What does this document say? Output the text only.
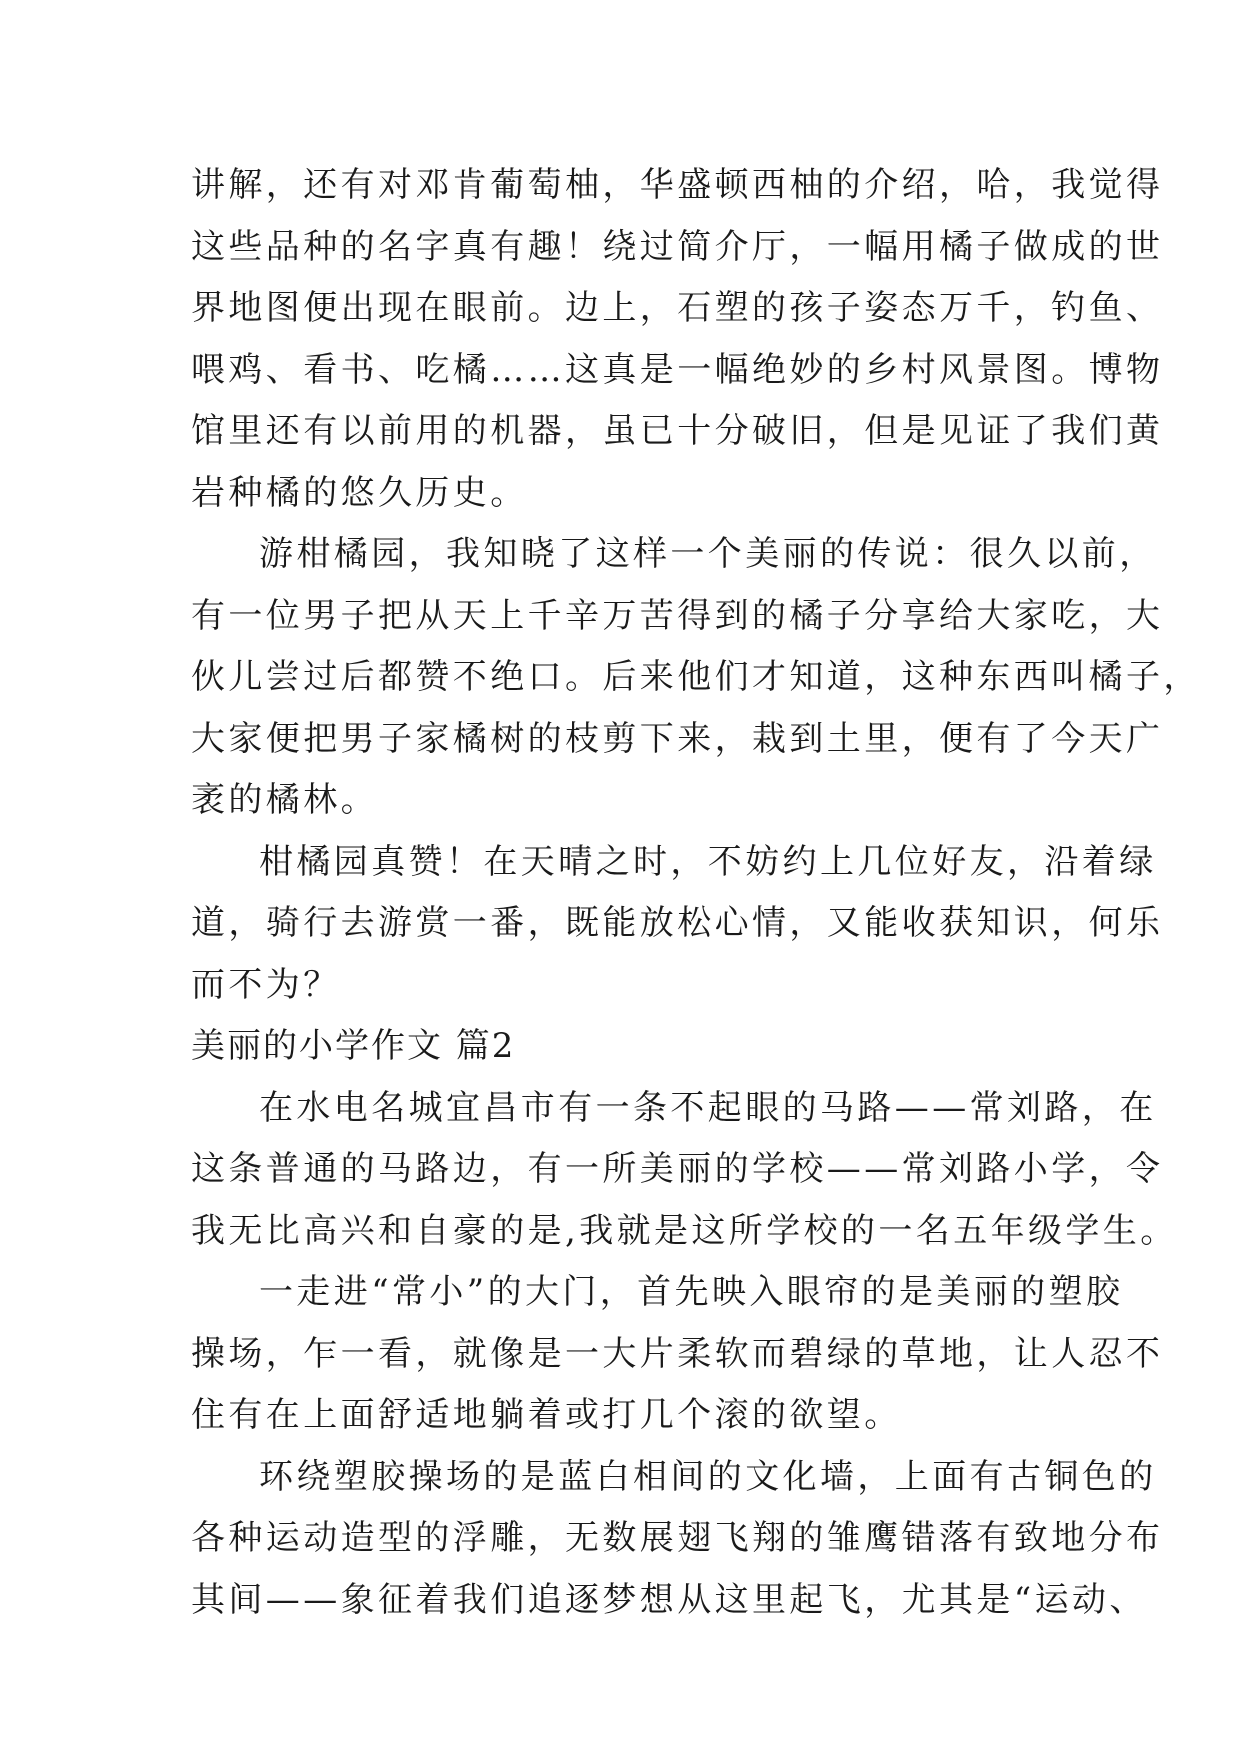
讲解，还有对邓肯葡萄柚，华盛顿西柚的介绍，哈，我觉得
这些品种的名字真有趣！绕过简介厅，一幅用橘子做成的世
界地图便出现在眼前。边上，石塑的孩子姿态万千，钓鱼、
喂鸡、看书、吃橘……这真是一幅绝妙的乡村风景图。博物
馆里还有以前用的机器，虽已十分破旧，但是见证了我们黄
岩种橘的悠久历史。
游柑橘园，我知晓了这样一个美丽的传说：很久以前，
有一位男子把从天上千辛万苦得到的橘子分享给大家吃，大
伙儿尝过后都赞不绝口。后来他们才知道，这种东西叫橘子，
大家便把男子家橘树的枝剪下来，栽到土里，便有了今天广
袤的橘林。
柑橘园真赞！在天晴之时，不妨约上几位好友，沿着绿
道，骑行去游赏一番，既能放松心情，又能收获知识，何乐
而不为？
美丽的小学作文 篇2
在水电名城宜昌市有一条不起眼的马路——常刘路，在
这条普通的马路边，有一所美丽的学校——常刘路小学，令
我无比高兴和自豪的是,我就是这所学校的一名五年级学生。
一走进“常小”的大门，首先映入眼帘的是美丽的塑胶
操场，乍一看，就像是一大片柔软而碧绿的草地，让人忍不
住有在上面舒适地躺着或打几个滚的欲望。
环绕塑胶操场的是蓝白相间的文化墙，上面有古铜色的
各种运动造型的浮雕，无数展翅飞翔的雏鹰错落有致地分布
其间——象征着我们追逐梦想从这里起飞，尤其是“运动、
